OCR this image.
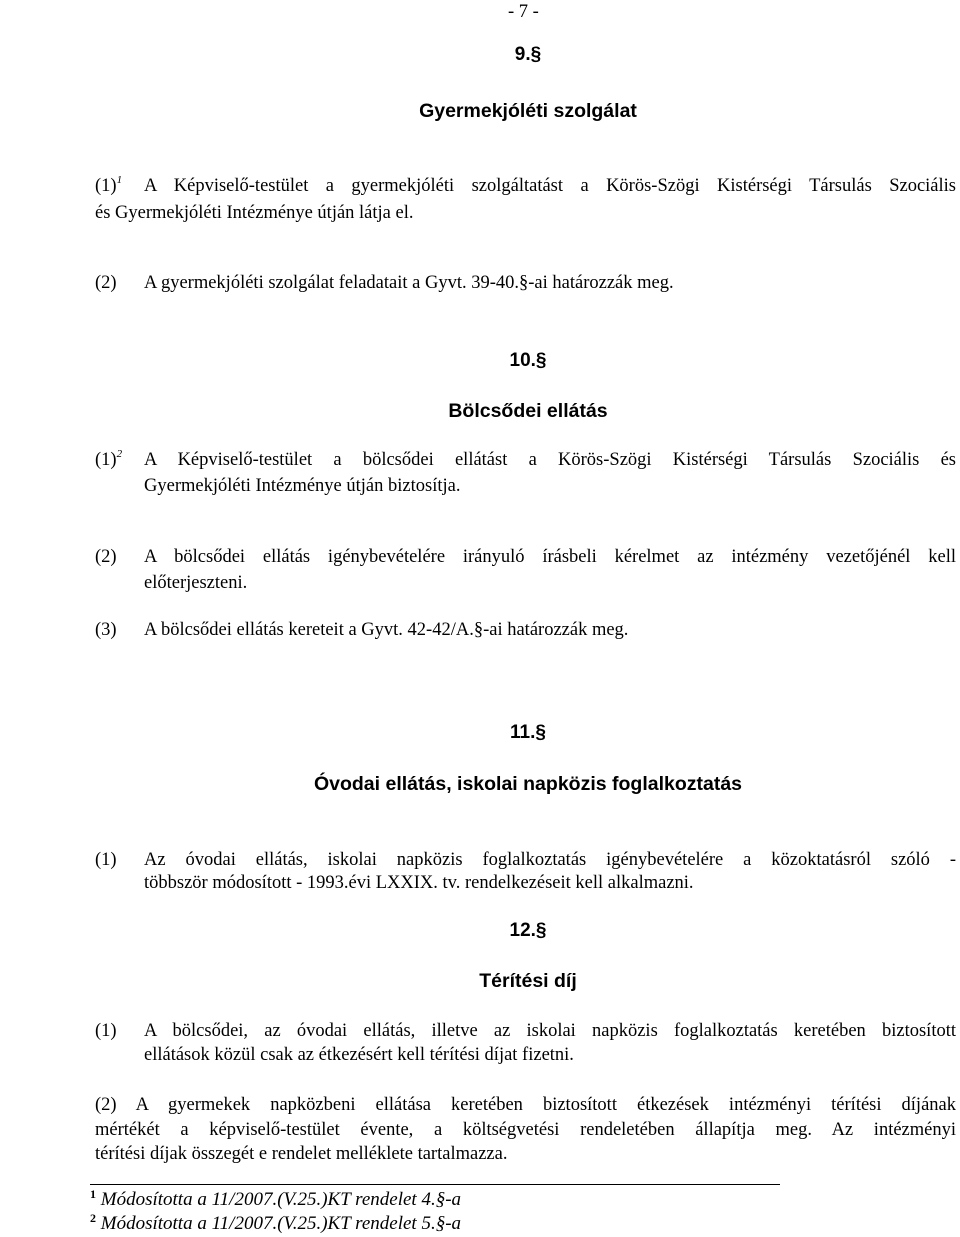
- 7 -
9.§
Gyermekjóléti szolgálat
$(1)^1$ A Képviselő-testület a gyermekjóléti szolgáltatást a Körös-Szögi Kistérségi Társulás Szociális
és Gyermekjóléti Intézménye útján látja el.
(2) A gyermekjóléti szolgálat feladatait a Gyvt. 39-40.§-ai határozzák meg.
10.§
Bölcsődei ellátás
$(1)^2$ A Képviselő-testület a bölcsődei ellátást a Körös-Szögi Kistérségi Társulás Szociális és
Gyermekjóléti Intézménye útján biztosítja.
(2) A bölcsődei ellátás igénybevételére irányuló írásbeli kérelmet az intézmény vezetőjénél kell
előterjeszteni.
(3) A bölcsődei ellátás kereteit a Gyvt. 42-42/A.§-ai határozzák meg.
11.§
Óvodai ellátás, iskolai napközis foglalkoztatás
(1) Az óvodai ellátás, iskolai napközis foglalkoztatás igénybevételére a közoktatásról szóló -
többször módosított - 1993.évi LXXIX. tv. rendelkezéseit kell alkalmazni.
12.§
Térítési díj
(1) A bölcsődei, az óvodai ellátás, illetve az iskolai napközis foglalkoztatás keretében biztosított
ellátások közül csak az étkezésért kell térítési díjat fizetni.
(2) A gyermekek napközbeni ellátása keretében biztosított étkezések intézményi térítési díjának
mértékét a képviselő-testület évente, a költségvetési rendeletében állapítja meg. Az intézményi
térítési díjak összegét e rendelet melléklete tartalmazza.
$^1$ Módosította a 11/2007.(V.25.)KT rendelet 4.§-a
$^2$ Módosította a 11/2007.(V.25.)KT rendelet 5.§-a
